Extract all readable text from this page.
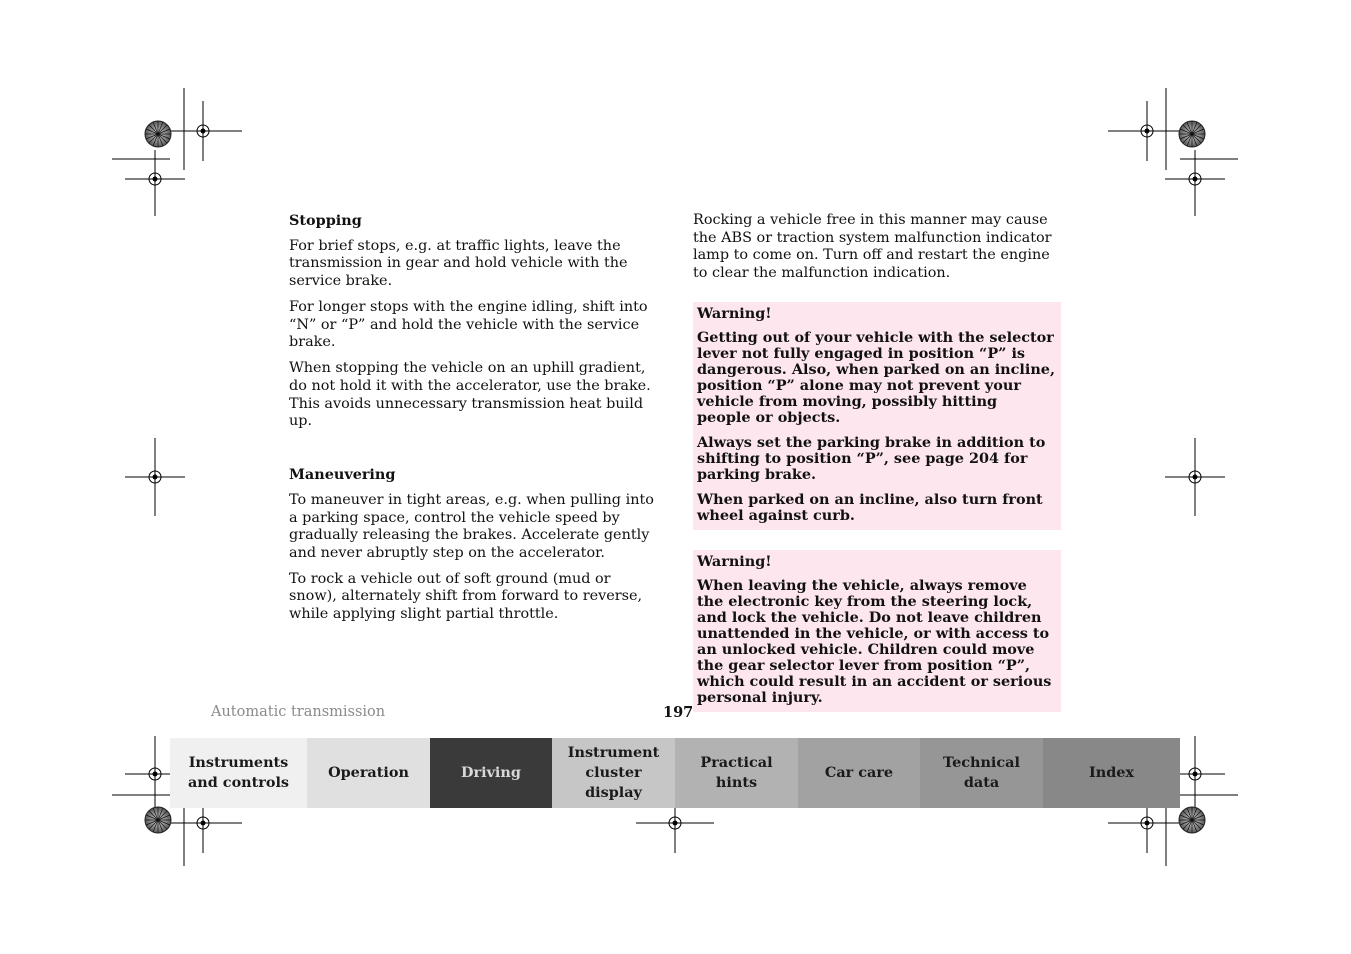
Stopping

For brief stops, e.g. at traffic lights, leave the transmission in gear and hold vehicle with the service brake.

For longer stops with the engine idling, shift into “N” or “P” and hold the vehicle with the service brake.

When stopping the vehicle on an uphill gradient, do not hold it with the accelerator, use the brake. This avoids unnecessary transmission heat build up.

Maneuvering

To maneuver in tight areas, e.g. when pulling into a parking space, control the vehicle speed by gradually releasing the brakes. Accelerate gently and never abruptly step on the accelerator.

To rock a vehicle out of soft ground (mud or snow), alternately shift from forward to reverse, while applying slight partial throttle.

Rocking a vehicle free in this manner may cause the ABS or traction system malfunction indicator lamp to come on. Turn off and restart the engine to clear the malfunction indication.

Warning!

Getting out of your vehicle with the selector lever not fully engaged in position “P” is dangerous. Also, when parked on an incline, position “P” alone may not prevent your vehicle from moving, possibly hitting people or objects.

Always set the parking brake in addition to shifting to position “P”, see page 204 for parking brake.

When parked on an incline, also turn front wheel against curb.

Warning!

When leaving the vehicle, always remove the electronic key from the steering lock, and lock the vehicle. Do not leave children unattended in the vehicle, or with access to an unlocked vehicle. Children could move the gear selector lever from position “P”, which could result in an accident or serious personal injury.

Automatic transmission	197
Instruments
and controls
Operation	Driving
Instrument
cluster display
Practical hints
Car care
Technical
data
Index
